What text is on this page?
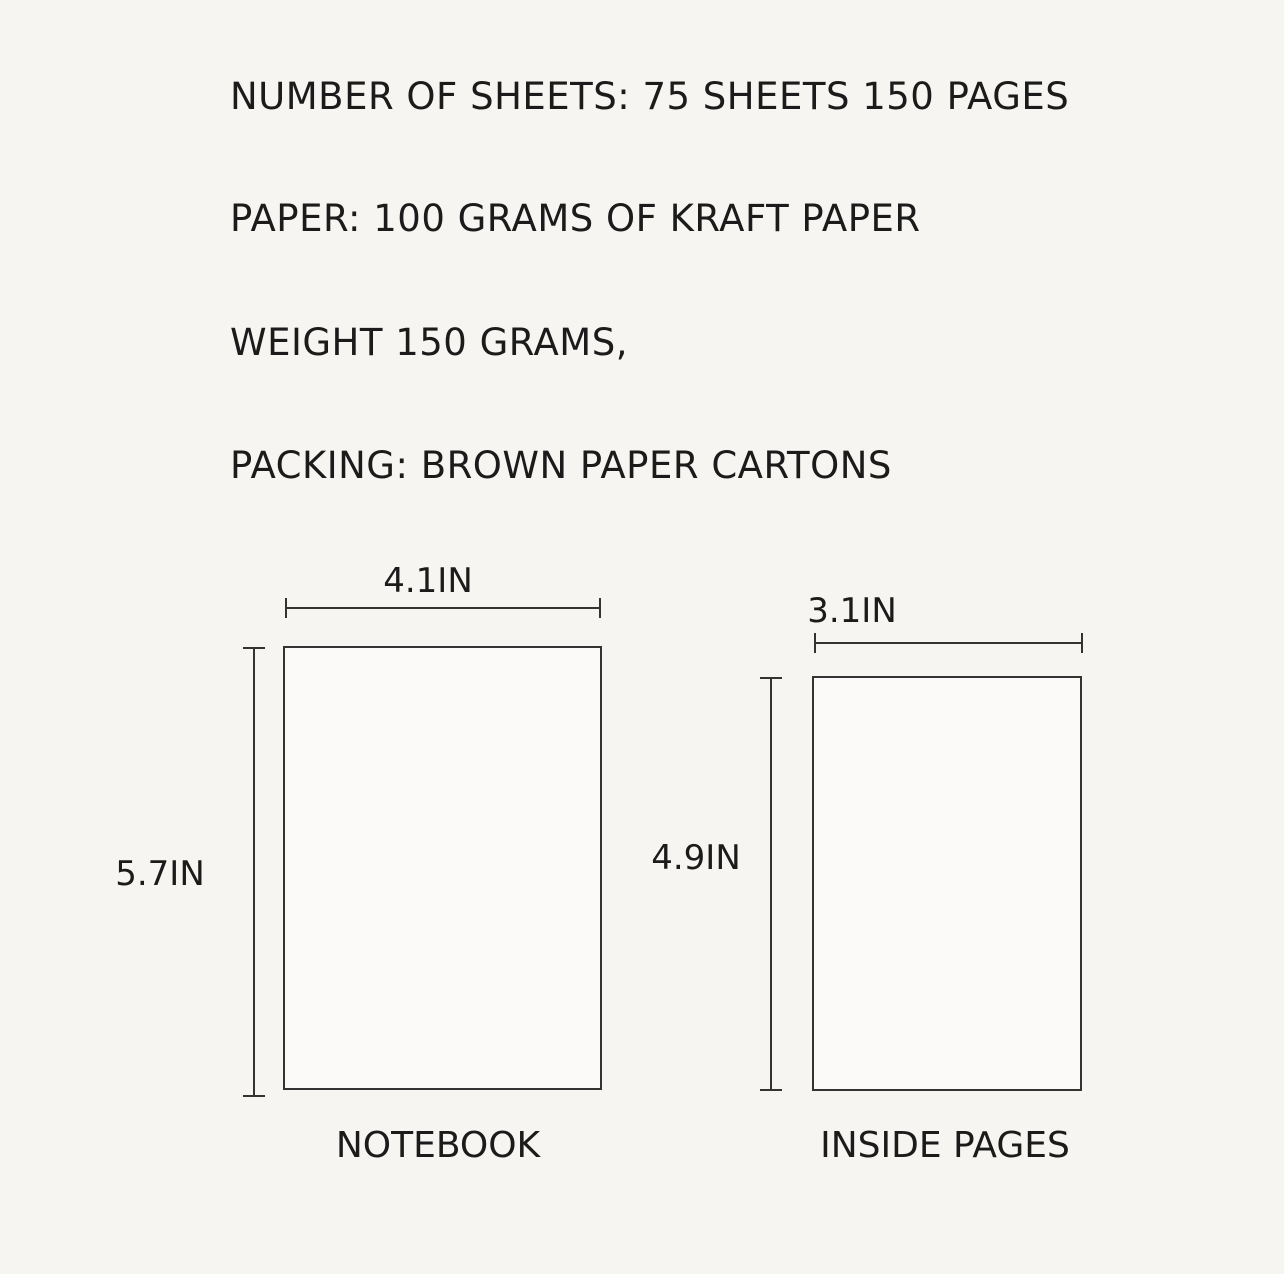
NUMBER OF SHEETS: 75 SHEETS 150 PAGES
PAPER: 100 GRAMS OF KRAFT PAPER
WEIGHT 150 GRAMS,
PACKING: BROWN PAPER CARTONS
4.1IN
5.7IN
NOTEBOOK
3.1IN
4.9IN
INSIDE PAGES
